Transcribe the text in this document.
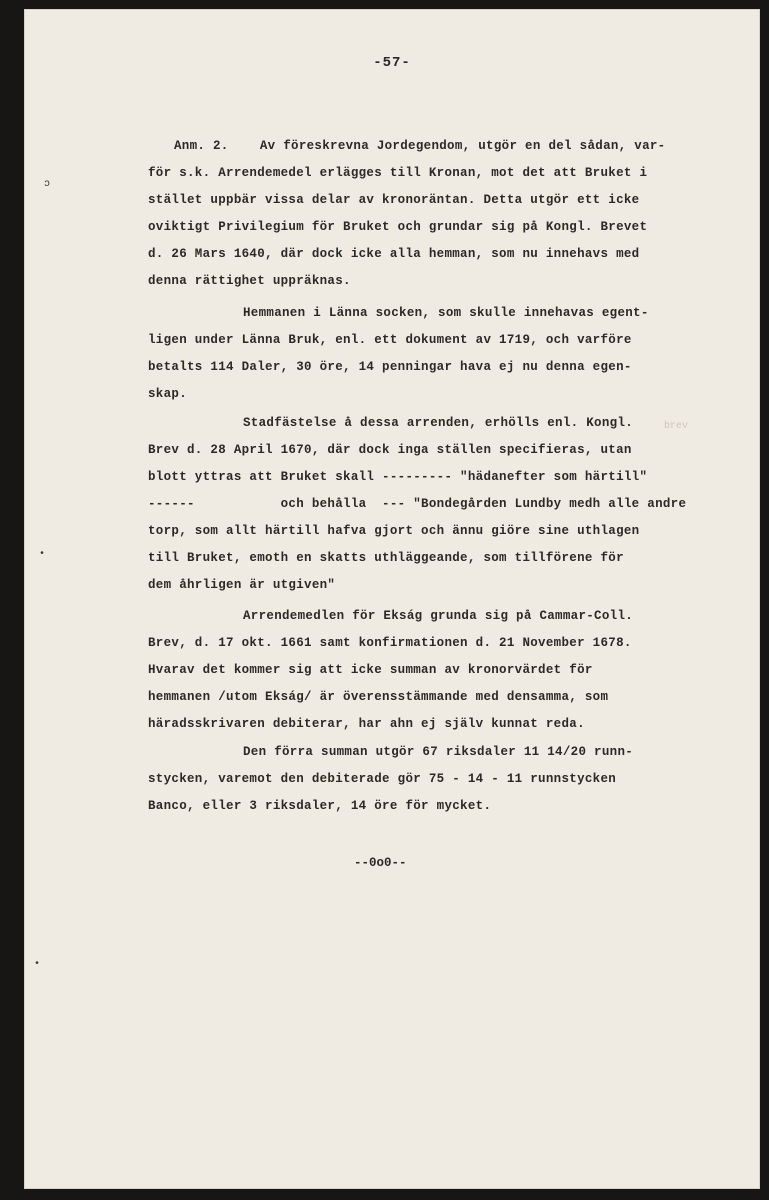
-57-
Anm. 2.    Av föreskrevna Jordegendom, utgör en del sådan, var-
för s.k. Arrendemedel erlägges till Kronan, mot det att Bruket i
stället uppbär vissa delar av kronoräntan. Detta utgör ett icke
oviktigt Privilegium för Bruket och grundar sig på Kongl. Brevet
d. 26 Mars 1640, där dock icke alla hemman, som nu innehavs med
denna rättighet uppräknas.
Hemmanen i Länna socken, som skulle innehavas egent-
ligen under Länna Bruk, enl. ett dokument av 1719, och varföre
betalts 114 Daler, 30 öre, 14 penningar hava ej nu denna egen-
skap.
Stadfästelse å dessa arrenden, erhölls enl. Kongl.
Brev d. 28 April 1670, där dock inga ställen specifieras, utan
blott yttras att Bruket skall --------- "hädanefter som härtill"
------           och behålla  --- "Bondegården Lundby medh alle andre
torp, som allt härtill hafva gjort och ännu giöre sine uthlagen
till Bruket, emoth en skatts uthläggeande, som tillförene för
dem åhrligen är utgiven"
Arrendemedlen för Ekság grunda sig på Cammar-Coll.
Brev, d. 17 okt. 1661 samt konfirmationen d. 21 November 1678.
Hvarav det kommer sig att icke summan av kronorvärdet för
hemmanen /utom Ekság/ är överensstämmande med densamma, som
häradsskrivaren debiterar, har ahn ej själv kunnat reda.
Den förra summan utgör 67 riksdaler 11 14/20 runn-
stycken, varemot den debiterade gör 75 - 14 - 11 runnstycken
Banco, eller 3 riksdaler, 14 öre för mycket.
--0o0--
brev
ɔ
•
•
